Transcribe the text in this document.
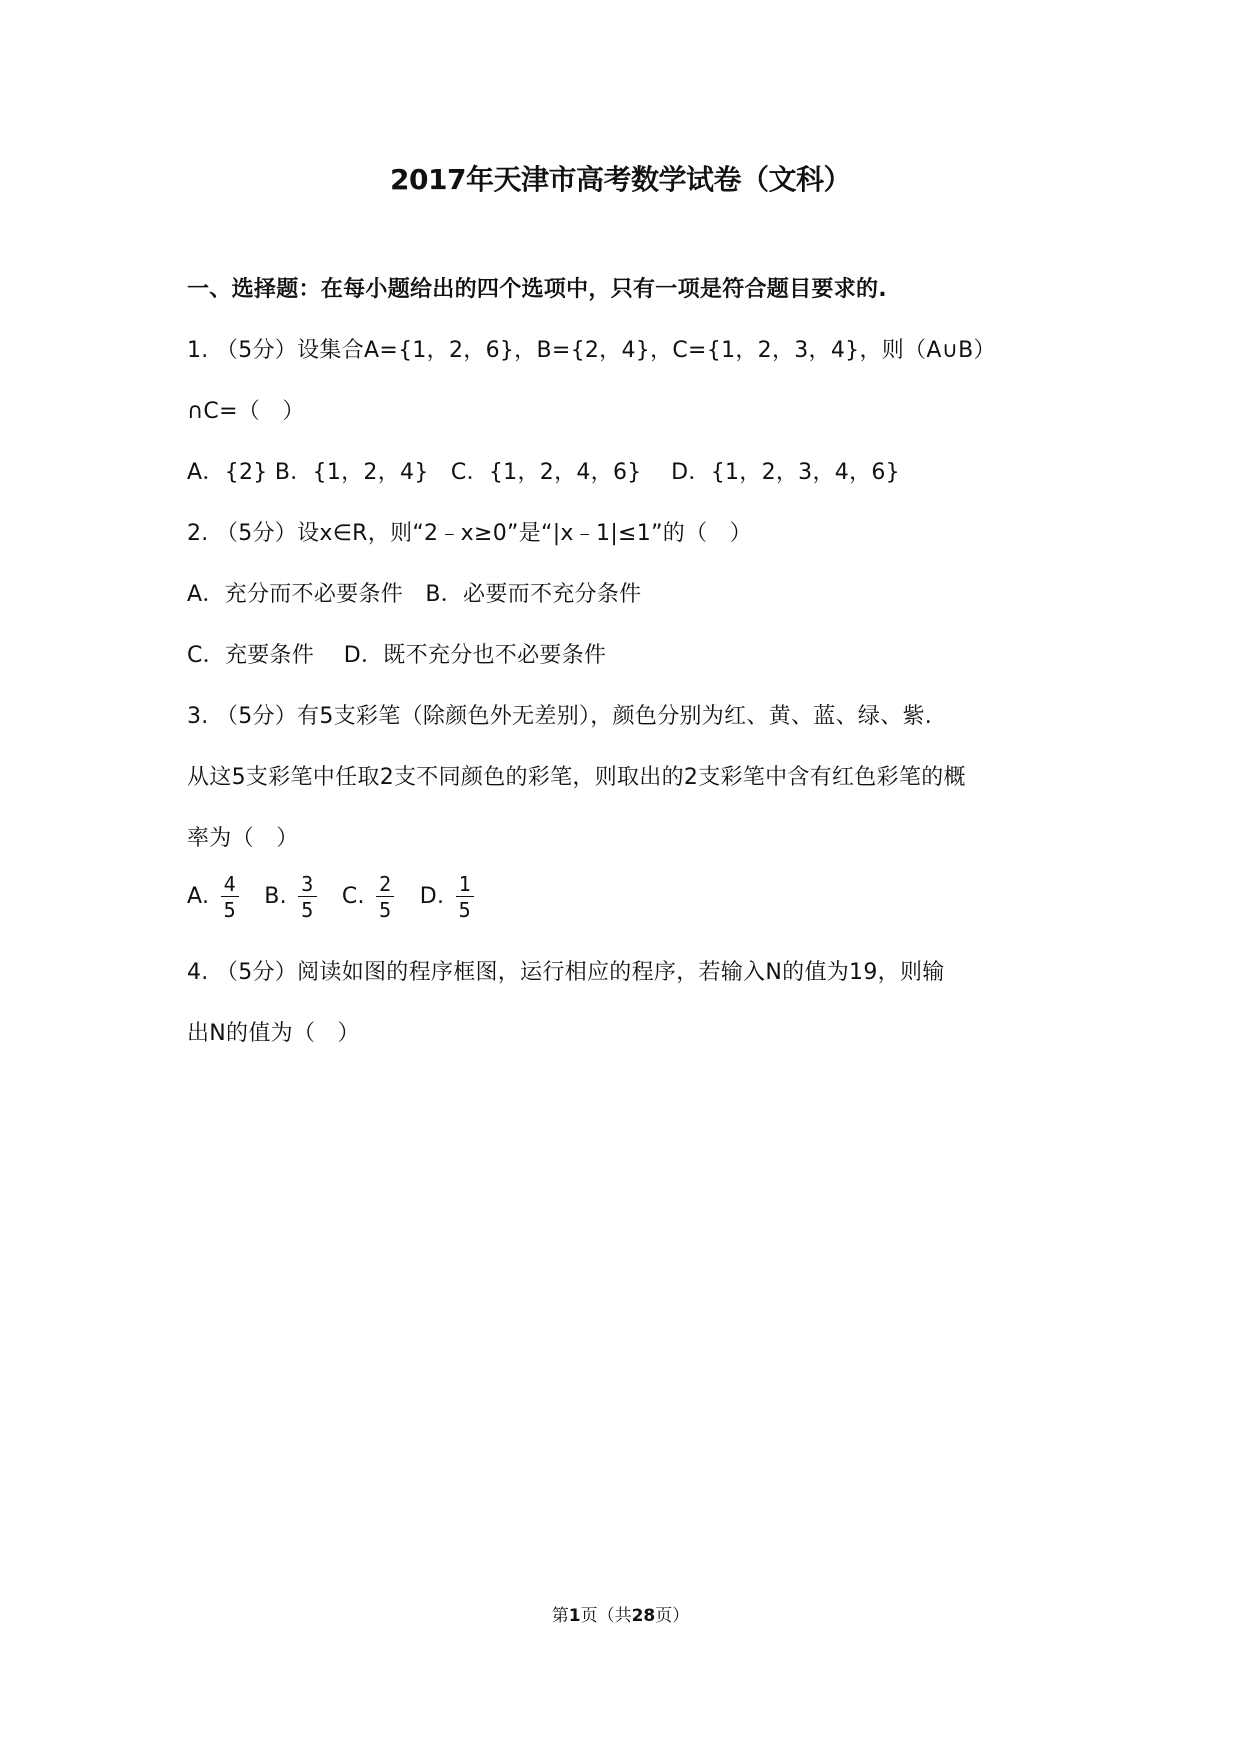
2017年天津市高考数学试卷（文科）
一、选择题：在每小题给出的四个选项中，只有一项是符合题目要求的.
1. （5分）设集合A={1，2，6}，B={2，4}，C={1，2，3，4}，则（A∪B）
∩C=（　）
A．{2} B．{1，2，4}　C．{1，2，4，6}　 D．{1，2，3，4，6}
2. （5分）设x∈R，则“2﹣x≥0”是“|x﹣1|≤1”的（　）
A．充分而不必要条件　B．必要而不充分条件
C．充要条件　 D．既不充分也不必要条件
3. （5分）有5支彩笔（除颜色外无差别），颜色分别为红、黄、蓝、绿、紫.
从这5支彩笔中任取2支不同颜色的彩笔，则取出的2支彩笔中含有红色彩笔的概
率为（　）
A. $\frac{4}{5} B$. $\frac{3}{5} C$. $\frac{2}{5} D$. $\frac{1}{5}$
4. （5分）阅读如图的程序框图，运行相应的程序，若输入N的值为19，则输
出N的值为（　）
第1页（共28页）
